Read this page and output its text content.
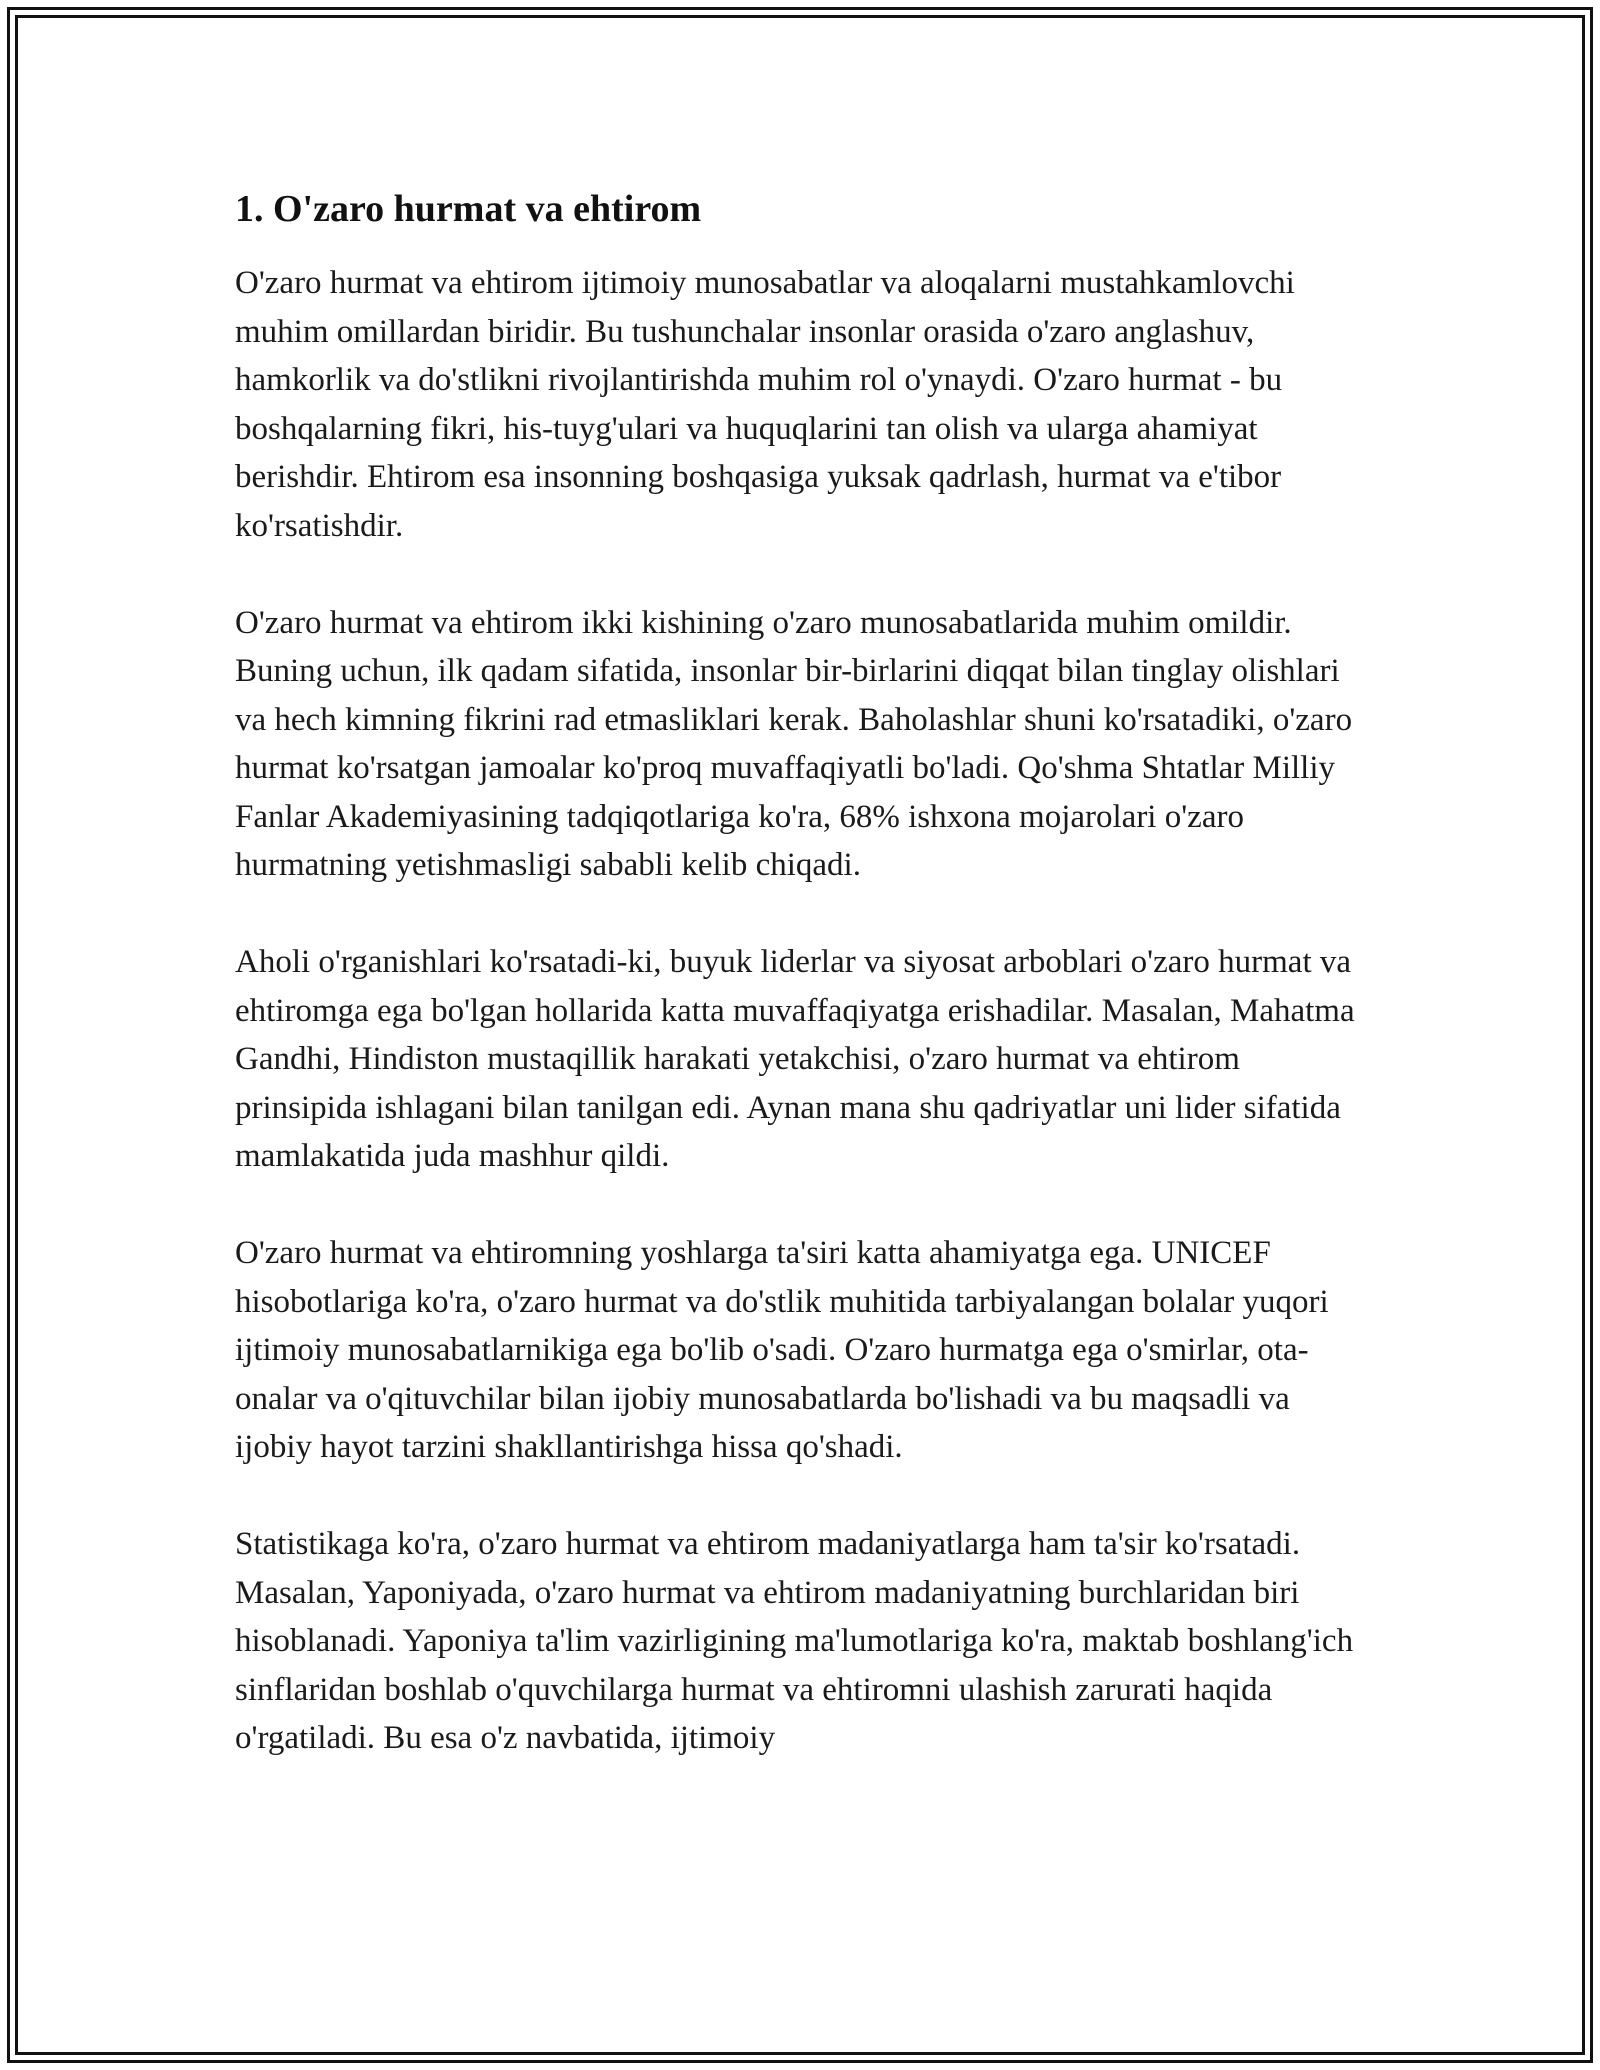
1. O'zaro hurmat va ehtirom

O'zaro hurmat va ehtirom ijtimoiy munosabatlar va aloqalarni mustahkamlovchi muhim omillardan biridir. Bu tushunchalar insonlar orasida o'zaro anglashuv, hamkorlik va do'stlikni rivojlantirishda muhim rol o'ynaydi. O'zaro hurmat - bu boshqalarning fikri, his-tuyg'ulari va huquqlarini tan olish va ularga ahamiyat berishdir. Ehtirom esa insonning boshqasiga yuksak qadrlash, hurmat va e'tibor ko'rsatishdir.

O'zaro hurmat va ehtirom ikki kishining o'zaro munosabatlarida muhim omildir. Buning uchun, ilk qadam sifatida, insonlar bir-birlarini diqqat bilan tinglay olishlari va hech kimning fikrini rad etmasliklari kerak. Baholashlar shuni ko'rsatadiki, o'zaro hurmat ko'rsatgan jamoalar ko'proq muvaffaqiyatli bo'ladi. Qo'shma Shtatlar Milliy Fanlar Akademiyasining tadqiqotlariga ko'ra, 68% ishxona mojarolari o'zaro hurmatning yetishmasligi sababli kelib chiqadi.

Aholi o'rganishlari ko'rsatadi-ki, buyuk liderlar va siyosat arboblari o'zaro hurmat va ehtiromga ega bo'lgan hollarida katta muvaffaqiyatga erishadilar. Masalan, Mahatma Gandhi, Hindiston mustaqillik harakati yetakchisi, o'zaro hurmat va ehtirom prinsipida ishlagani bilan tanilgan edi. Aynan mana shu qadriyatlar uni lider sifatida mamlakatida juda mashhur qildi.

O'zaro hurmat va ehtiromning yoshlarga ta'siri katta ahamiyatga ega. UNICEF hisobotlariga ko'ra, o'zaro hurmat va do'stlik muhitida tarbiyalangan bolalar yuqori ijtimoiy munosabatlarnikiga ega bo'lib o'sadi. O'zaro hurmatga ega o'smirlar, ota-onalar va o'qituvchilar bilan ijobiy munosabatlarda bo'lishadi va bu maqsadli va ijobiy hayot tarzini shakllantirishga hissa qo'shadi.

Statistikaga ko'ra, o'zaro hurmat va ehtirom madaniyatlarga ham ta'sir ko'rsatadi. Masalan, Yaponiyada, o'zaro hurmat va ehtirom madaniyatning burchlaridan biri hisoblanadi. Yaponiya ta'lim vazirligining ma'lumotlariga ko'ra, maktab boshlang'ich sinflaridan boshlab o'quvchilarga hurmat va ehtiromni ulashish zarurati haqida o'rgatiladi. Bu esa o'z navbatida, ijtimoiy
